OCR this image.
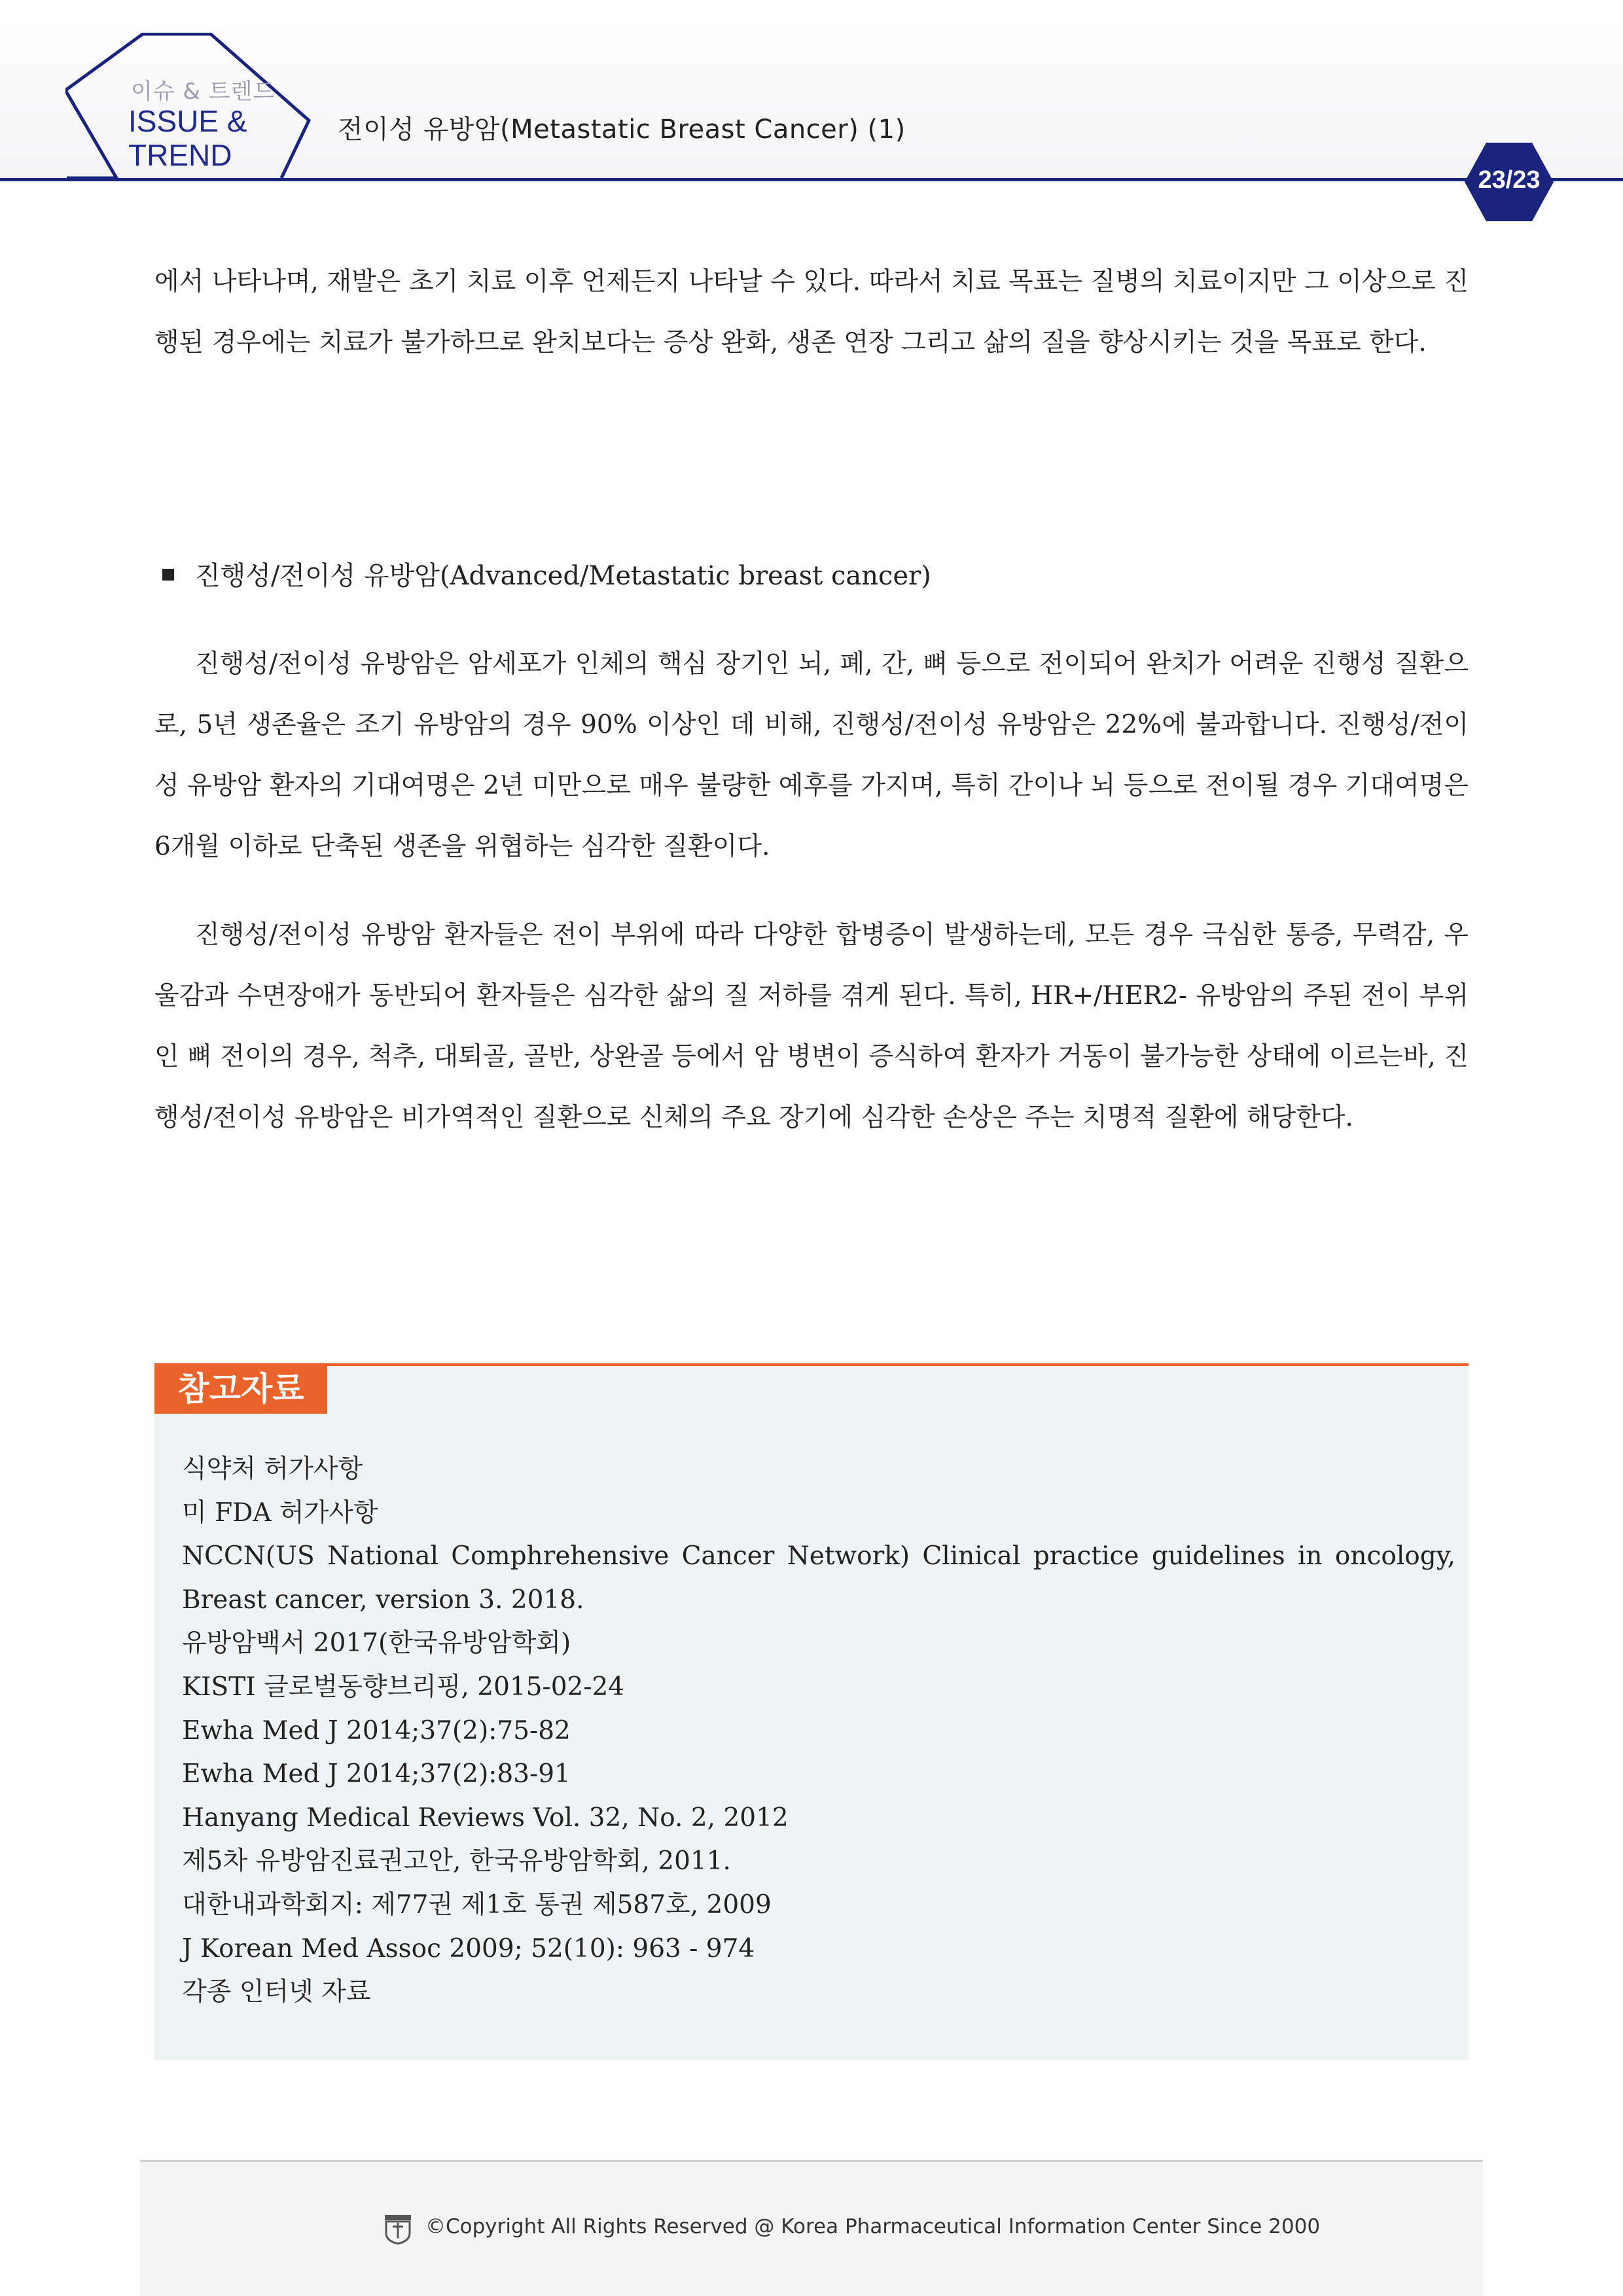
이슈 & 트렌드
ISSUE &
TREND
전이성 유방암(Metastatic Breast Cancer) (1)
23/23
에서 나타나며, 재발은 초기 치료 이후 언제든지 나타날 수 있다. 따라서 치료 목표는 질병의 치료이지만 그 이상으로 진행된 경우에는 치료가 불가하므로 완치보다는 증상 완화, 생존 연장 그리고 삶의 질을 향상시키는 것을 목표로 한다.
진행성/전이성 유방암(Advanced/Metastatic breast cancer)
진행성/전이성 유방암은 암세포가 인체의 핵심 장기인 뇌, 폐, 간, 뼈 등으로 전이되어 완치가 어려운 진행성 질환으로, 5년 생존율은 조기 유방암의 경우 90% 이상인 데 비해, 진행성/전이성 유방암은 22%에 불과합니다. 진행성/전이성 유방암 환자의 기대여명은 2년 미만으로 매우 불량한 예후를 가지며, 특히 간이나 뇌 등으로 전이될 경우 기대여명은 6개월 이하로 단축된 생존을 위협하는 심각한 질환이다.
진행성/전이성 유방암 환자들은 전이 부위에 따라 다양한 합병증이 발생하는데, 모든 경우 극심한 통증, 무력감, 우울감과 수면장애가 동반되어 환자들은 심각한 삶의 질 저하를 겪게 된다. 특히, HR+/HER2- 유방암의 주된 전이 부위인 뼈 전이의 경우, 척추, 대퇴골, 골반, 상완골 등에서 암 병변이 증식하여 환자가 거동이 불가능한 상태에 이르는바, 진행성/전이성 유방암은 비가역적인 질환으로 신체의 주요 장기에 심각한 손상은 주는 치명적 질환에 해당한다.
참고자료
식약처 허가사항
미 FDA 허가사항
NCCN(US National Comphrehensive Cancer Network) Clinical practice guidelines in oncology, Breast cancer, version 3. 2018.
유방암백서 2017(한국유방암학회)
KISTI 글로벌동향브리핑, 2015-02-24
Ewha Med J 2014;37(2):75-82
Ewha Med J 2014;37(2):83-91
Hanyang Medical Reviews Vol. 32, No. 2, 2012
제5차 유방암진료권고안, 한국유방암학회, 2011.
대한내과학회지: 제77권 제1호 통권 제587호, 2009
J Korean Med Assoc 2009; 52(10): 963 - 974
각종 인터넷 자료
©Copyright All Rights Reserved @ Korea Pharmaceutical Information Center Since 2000
